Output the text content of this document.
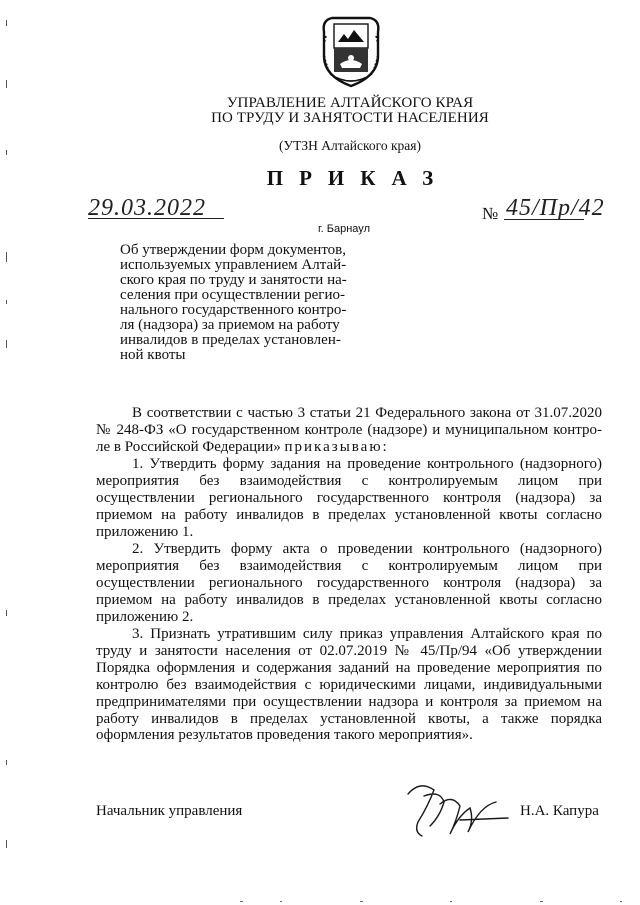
УПРАВЛЕНИЕ АЛТАЙСКОГО КРАЯ
ПО ТРУДУ И ЗАНЯТОСТИ НАСЕЛЕНИЯ
(УТЗН Алтайского края)
ПРИКАЗ
29.03.2022
г. Барнаул
№ 45/Пр/42
Об утверждении форм документов,
используемых управлением Алтай-
ского края по труду и занятости на-
селения при осуществлении регио-
нального государственного контро-
ля (надзора) за приемом на работу
инвалидов в пределах установлен-
ной квоты
В соответствии с частью 3 статьи 21 Федерального закона от 31.07.2020
№ 248-ФЗ «О государственном контроле (надзоре) и муниципальном контро-
ле в Российской Федерации» приказываю:
1. Утвердить форму задания на проведение контрольного (надзорного)
мероприятия без взаимодействия с контролируемым лицом при
осуществлении регионального государственного контроля (надзора) за
приемом на работу инвалидов в пределах установленной квоты согласно
приложению 1.
2. Утвердить форму акта о проведении контрольного (надзорного)
мероприятия без взаимодействия с контролируемым лицом при
осуществлении регионального государственного контроля (надзора) за
приемом на работу инвалидов в пределах установленной квоты согласно
приложению 2.
3. Признать утратившим силу приказ управления Алтайского края по
труду и занятости населения от 02.07.2019 № 45/Пр/94 «Об утверждении
Порядка оформления и содержания заданий на проведение мероприятия по
контролю без взаимодействия с юридическими лицами, индивидуальными
предпринимателями при осуществлении надзора и контроля за приемом на
работу инвалидов в пределах установленной квоты, а также порядка
оформления результатов проведения такого мероприятия».
Начальник управления	Н.А. Капура
